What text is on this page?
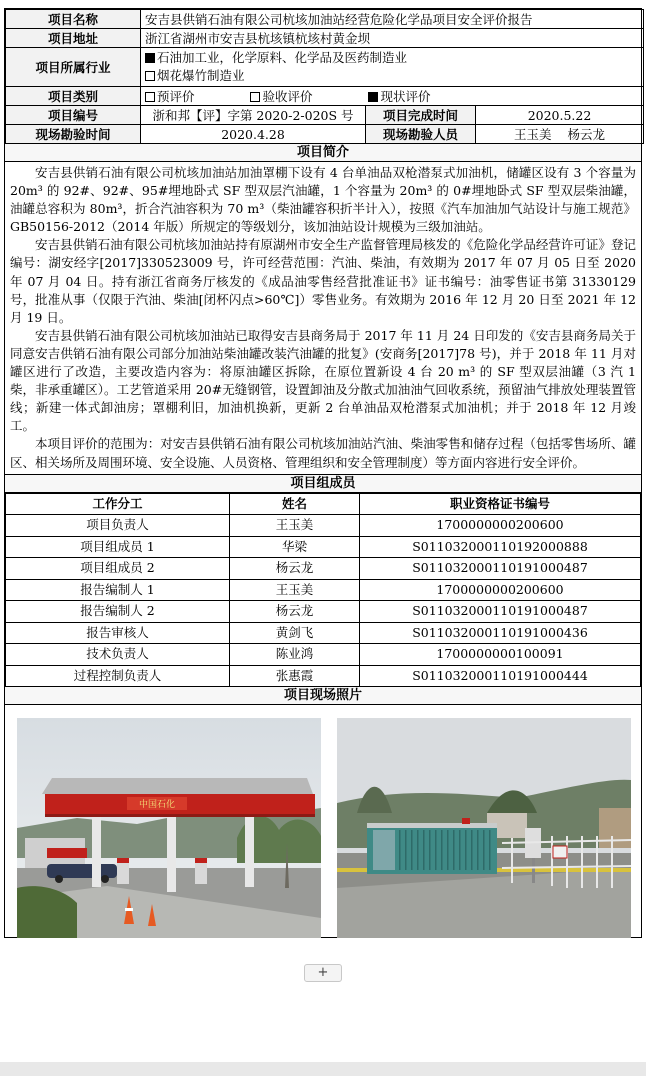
项目名称	安吉县供销石油有限公司杭垓加油站经营危险化学品项目安全评价报告		
项目地址	浙江省湖州市安吉县杭垓镇杭垓村黄金坝		
项目所属行业	石油加工业，化学原料、化学品及医药制造业
烟花爆竹制造业		

项目类别	预评价 验收评价 现状评价		
项目编号	浙和邦【评】字第 2020-2-020S 号	项目完成时间	2020.5.22
现场勘验时间	2020.4.28	现场勘验人员	王玉美    杨云龙
项目简介

安吉县供销石油有限公司杭垓加油站加油罩棚下设有 4 台单油品双枪潜泵式加油机，储罐区设有 3 个容量为 20m³ 的 92#、92#、95#埋地卧式 SF 型双层汽油罐，1 个容量为 20m³ 的 0#埋地卧式 SF 型双层柴油罐，油罐总容积为 80m³，折合汽油容积为 70 m³（柴油罐容积折半计入），按照《汽车加油加气站设计与施工规范》GB50156-2012（2014 年版）所规定的等级划分，该加油站设计规模为三级加油站。

安吉县供销石油有限公司杭垓加油站持有原湖州市安全生产监督管理局核发的《危险化学品经营许可证》登记编号：湖安经字[2017]330523009 号，许可经营范围：汽油、柴油，有效期为 2017 年 07 月 05 日至 2020 年 07 月 04 日。持有浙江省商务厅核发的《成品油零售经营批准证书》证书编号：油零售证书第 31330129 号，批准从事（仅限于汽油、柴油[闭杯闪点>60℃]）零售业务。有效期为 2016 年 12 月 20 日至 2021 年 12 月 19 日。

安吉县供销石油有限公司杭垓加油站已取得安吉县商务局于 2017 年 11 月 24 日印发的《安吉县商务局关于同意安吉供销石油有限公司部分加油站柴油罐改装汽油罐的批复》(安商务[2017]78 号)，并于 2018 年 11 月对罐区进行了改造，主要改造内容为：将原油罐区拆除，在原位置新设 4 台 20 m³ 的 SF 型双层油罐（3 汽 1 柴，非承重罐区）。工艺管道采用 20#无缝钢管，设置卸油及分散式加油油气回收系统，预留油气排放处理装置管线；新建一体式卸油房；罩棚利旧，加油机换新，更新 2 台单油品双枪潜泵式加油机；并于 2018 年 12 月竣工。

本项目评价的范围为：对安吉县供销石油有限公司杭垓加油站汽油、柴油零售和储存过程（包括零售场所、罐区、相关场所及周围环境、安全设施、人员资格、管理组织和安全管理制度）等方面内容进行安全评价。

项目组成员
工作分工	姓名	职业资格证书编号
项目负责人	王玉美	1700000000200600
项目组成员 1	华梁	S011032000110192000888
项目组成员 2	杨云龙	S011032000110191000487
报告编制人 1	王玉美	1700000000200600
报告编制人 2	杨云龙	S011032000110191000487
报告审核人	黄剑飞	S011032000110191000436
技术负责人	陈业鸿	1700000000100091
过程控制负责人	张惠霞	S011032000110191000444
项目现场照片
中国石化
+
